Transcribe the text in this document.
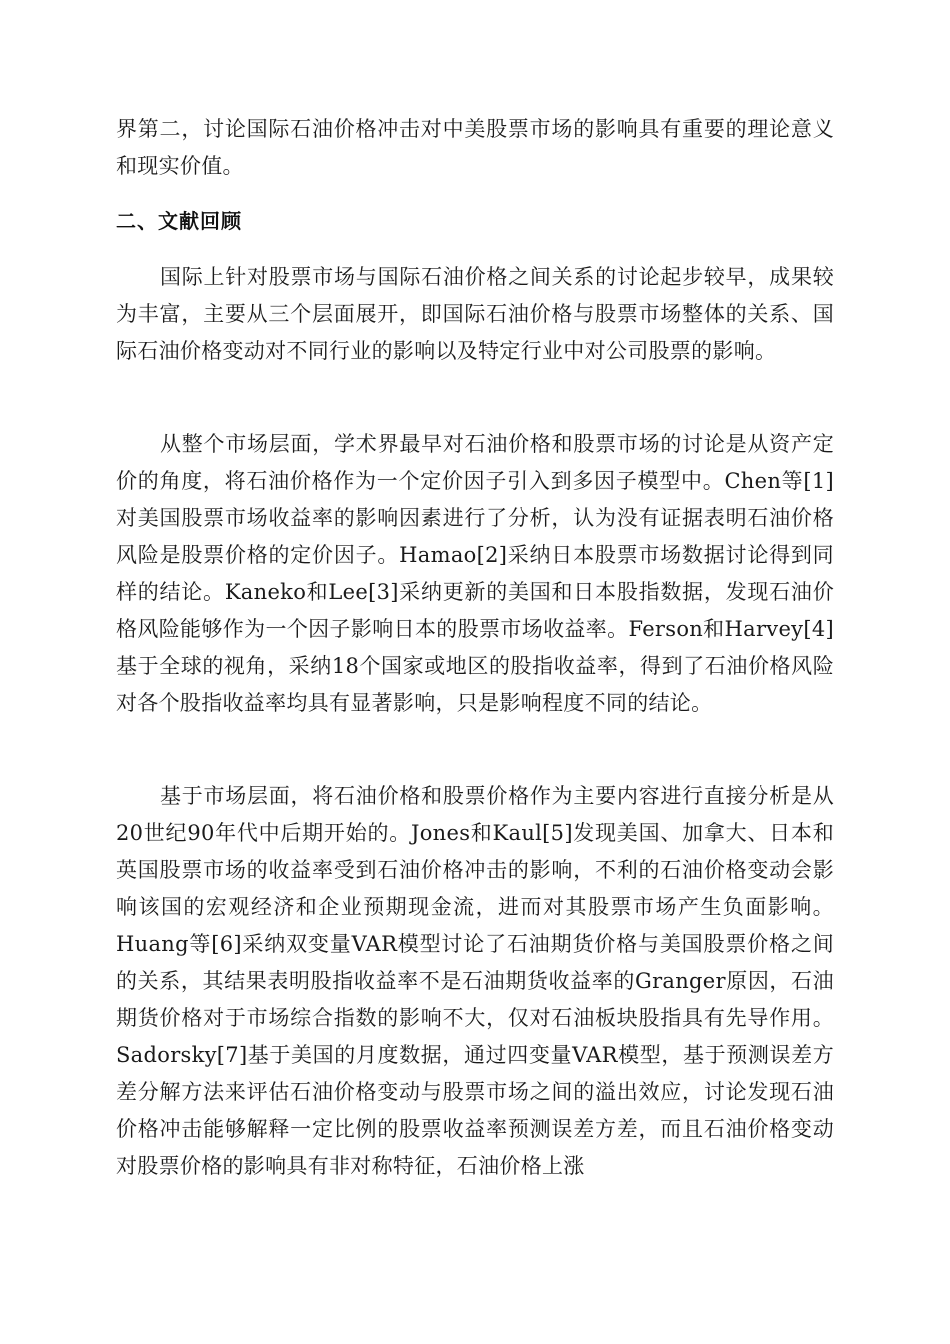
界第二，讨论国际石油价格冲击对中美股票市场的影响具有重要的理论意义和现实价值。
二、文献回顾
国际上针对股票市场与国际石油价格之间关系的讨论起步较早，成果较为丰富，主要从三个层面展开，即国际石油价格与股票市场整体的关系、国际石油价格变动对不同行业的影响以及特定行业中对公司股票的影响。
从整个市场层面，学术界最早对石油价格和股票市场的讨论是从资产定价的角度，将石油价格作为一个定价因子引入到多因子模型中。Chen等[1]对美国股票市场收益率的影响因素进行了分析，认为没有证据表明石油价格风险是股票价格的定价因子。Hamao[2]采纳日本股票市场数据讨论得到同样的结论。Kaneko和Lee[3]采纳更新的美国和日本股指数据，发现石油价格风险能够作为一个因子影响日本的股票市场收益率。Ferson和Harvey[4]基于全球的视角，采纳18个国家或地区的股指收益率，得到了石油价格风险对各个股指收益率均具有显著影响，只是影响程度不同的结论。
基于市场层面，将石油价格和股票价格作为主要内容进行直接分析是从20世纪90年代中后期开始的。Jones和Kaul[5]发现美国、加拿大、日本和英国股票市场的收益率受到石油价格冲击的影响，不利的石油价格变动会影响该国的宏观经济和企业预期现金流，进而对其股票市场产生负面影响。Huang等[6]采纳双变量VAR模型讨论了石油期货价格与美国股票价格之间的关系，其结果表明股指收益率不是石油期货收益率的Granger原因，石油期货价格对于市场综合指数的影响不大，仅对石油板块股指具有先导作用。Sadorsky[7]基于美国的月度数据，通过四变量VAR模型，基于预测误差方差分解方法来评估石油价格变动与股票市场之间的溢出效应，讨论发现石油价格冲击能够解释一定比例的股票收益率预测误差方差，而且石油价格变动对股票价格的影响具有非对称特征，石油价格上涨
